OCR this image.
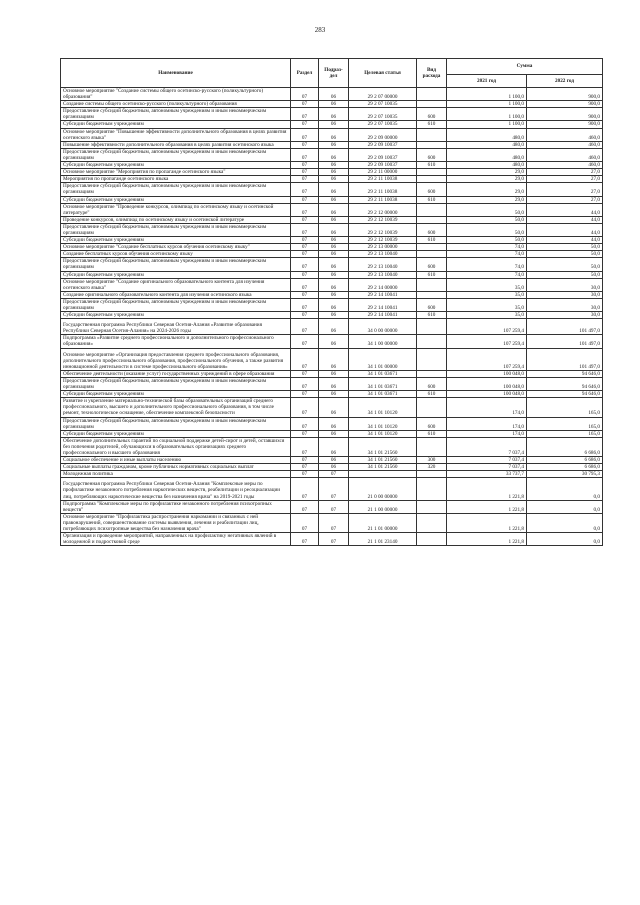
283
Наименование	Раздел	Подраз-дел	Целевая статья	Вид расхода	Сумма	
					2021 год	2022 год
Основное мероприятие "Создание системы общего осетинско-русского (поликультурного) образования"	07	06	29 2 07 00000		1 100,0	900,0
Создание системы общего осетинско-русского (поликультурного) образования	07	06	29 2 07 10035		1 100,0	900,0
Предоставление субсидий бюджетным, автономным учреждениям и иным некоммерческим организациям	07	06	29 2 07 10035	600	1 100,0	900,0
Субсидии бюджетным учреждениям	07	06	29 2 07 10035	610	1 100,0	900,0
Основное мероприятие "Повышение эффективности дополнительного образования в целях развития осетинского языка"	07	06	29 2 09 00000		480,0	460,0
Повышение эффективности дополнительного образования в целях развития осетинского языка	07	06	29 2 09 10037		480,0	460,0
Предоставление субсидий бюджетным, автономным учреждениям и иным некоммерческим организациям	07	06	29 2 09 10037	600	480,0	460,0
Субсидии бюджетным учреждениям	07	06	29 2 09 10037	610	480,0	460,0
Основное мероприятие "Мероприятия по пропаганде осетинского языка"	07	06	29 2 11 00000		29,0	27,0
Мероприятия по пропаганде осетинского языка	07	06	29 2 11 10038		29,0	27,0
Предоставление субсидий бюджетным, автономным учреждениям и иным некоммерческим организациям	07	06	29 2 11 10038	600	29,0	27,0
Субсидии бюджетным учреждениям	07	06	29 2 11 10038	610	29,0	27,0
Основное мероприятие "Проведение конкурсов, олимпиад по осетинскому языку и осетинской литературе"	07	06	29 2 12 00000		50,0	44,0
Проведение конкурсов, олимпиад по осетинскому языку и осетинской литературе	07	06	29 2 12 10039		50,0	44,0
Предоставление субсидий бюджетным, автономным учреждениям и иным некоммерческим организациям	07	06	29 2 12 10039	600	50,0	44,0
Субсидии бюджетным учреждениям	07	06	29 2 12 10039	610	50,0	44,0
Основное мероприятие "Создание бесплатных курсов обучения осетинскому языку"	07	06	29 2 13 00000		74,0	50,0
Создание бесплатных курсов обучения осетинскому языку	07	06	29 2 13 10040		74,0	50,0
Предоставление субсидий бюджетным, автономным учреждениям и иным некоммерческим организациям	07	06	29 2 13 10040	600	74,0	50,0
Субсидии бюджетным учреждениям	07	06	29 2 13 10040	610	74,0	50,0
Основное мероприятие "Создание оригинального образовательного контента для изучения осетинского языка"	07	06	29 2 14 00000		35,0	30,0
Создание оригинального образовательного контента для изучения осетинского языка	07	06	29 2 14 10041		35,0	30,0
Предоставление субсидий бюджетным, автономным учреждениям и иным некоммерческим организациям	07	06	29 2 14 10041	600	35,0	30,0
Субсидии бюджетным учреждениям	07	06	29 2 14 10041	610	35,0	30,0
Государственная программа Республики Северная Осетия-Алания «Развитие образования Республики Северная Осетия-Алания» на 2024-2026 годы	07	06	34 0 00 00000		107 259,4	101 497,0
Подпрограмма «Развитие среднего профессионального и дополнительного профессионального образования»	07	06	34 1 00 00000		107 259,4	101 497,0
Основное мероприятие «Организация предоставления среднего профессионального образования, дополнительного профессионального образования, профессионального обучения, а также развития инновационной деятельности в системе профессионального образования»	07	06	34 1 01 00000		107 259,4	101 497,0
Обеспечение деятельности (оказание услуг) государственных учреждений в сфере образования	07	06	34 1 01 03671		100 048,0	94 646,0
Предоставление субсидий бюджетным, автономным учреждениям и иным некоммерческим организациям	07	06	34 1 01 03671	600	100 048,0	94 646,0
Субсидии бюджетным учреждениям	07	06	34 1 01 03671	610	100 048,0	94 646,0
Развитие и укрепление материально-технической базы образовательных организаций среднего профессионального, высшего и дополнительного профессионального образования, в том числе ремонт, технологическое оснащение, обеспечение комплексной безопасности	07	06	34 1 01 10120		174,0	165,0
Предоставление субсидий бюджетным, автономным учреждениям и иным некоммерческим организациям	07	06	34 1 01 10120	600	174,0	165,0
Субсидии бюджетным учреждениям	07	06	34 1 01 10120	610	174,0	165,0
Обеспечение дополнительных гарантий по социальной поддержке детей-сирот и детей, оставшихся без попечения родителей, обучающихся в образовательных организациях среднего профессионального и высшего образования	07	06	34 1 01 21560		7 037,4	6 686,0
Социальное обеспечение и иные выплаты населению	07	06	34 1 01 21560	300	7 037,4	6 686,0
Социальные выплаты гражданам, кроме публичных нормативных социальных выплат	07	06	34 1 01 21560	320	7 037,4	6 686,0
Молодежная политика	07	07			33 737,7	30 795,3
Государственная программа Республики Северная Осетия-Алания "Комплексные меры по профилактике незаконного потребления наркотических веществ, реабилитации и ресоциализации лиц, потребляющих наркотические вещества без назначения врача" на 2019-2021 годы	07	07	21 0 00 00000		1 221,8	0,0
Подпрограмма "Комплексные меры по профилактике незаконного потребления психотропных веществ"	07	07	21 1 00 00000		1 221,8	0,0
Основное мероприятие "Профилактика распространения наркомании и связанных с ней правонарушений, совершенствование системы выявления, лечения и реабилитации лиц, потребляющих психотропные вещества без назначения врача"	07	07	21 1 01 00000		1 221,8	0,0
Организация и проведение мероприятий, направленных на профилактику негативных явлений в молодежной и подростковой среде	07	07	21 1 01 23140		1 221,8	0,0
